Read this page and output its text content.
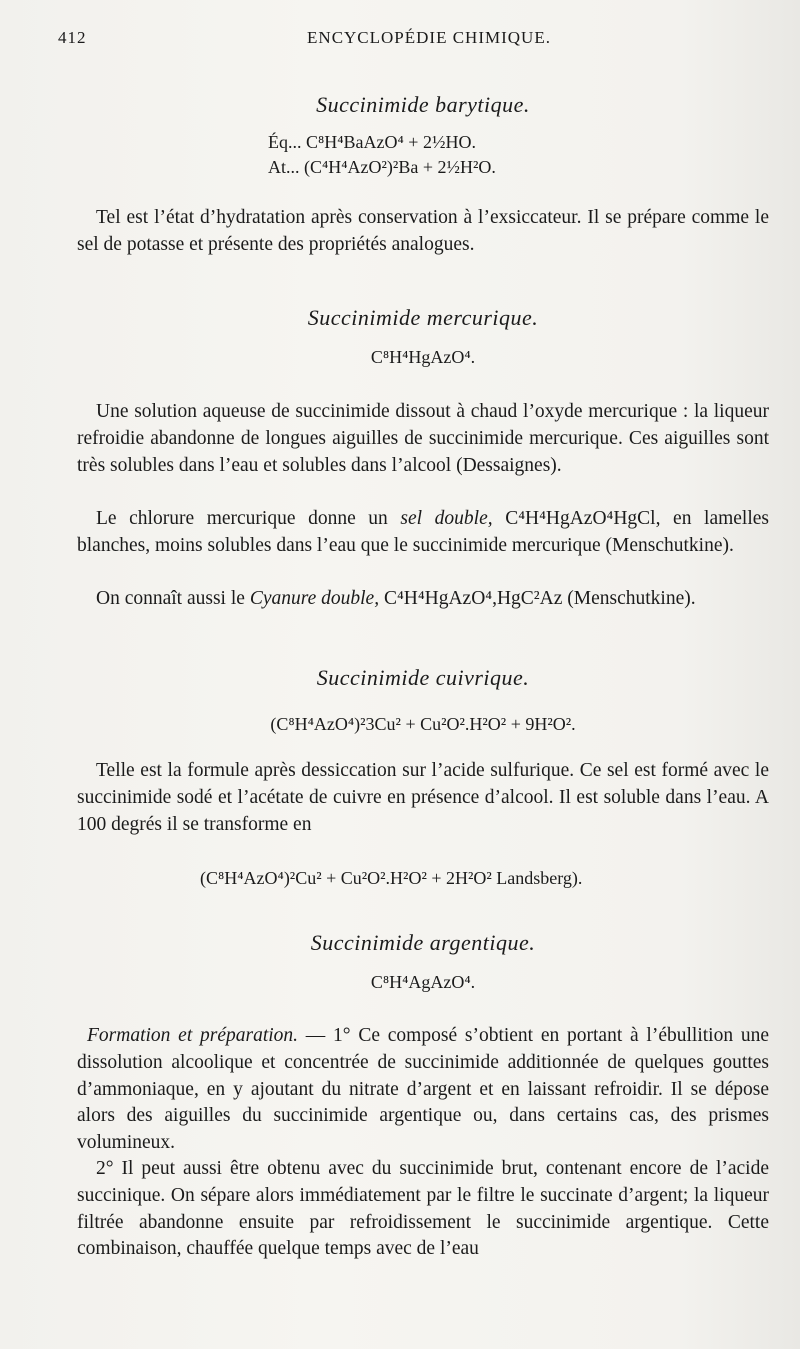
412	ENCYCLOPÉDIE CHIMIQUE.
Succinimide barytique.
Éq... C⁸H⁴BaAzO⁴ + 2½HO.
At... (C⁴H⁴AzO²)²Ba + 2½H²O.

Tel est l’état d’hydratation après conservation à l’exsiccateur. Il se prépare comme le sel de potasse et présente des propriétés analogues.

Succinimide mercurique.
C⁸H⁴HgAzO⁴.

Une solution aqueuse de succinimide dissout à chaud l’oxyde mercurique : la liqueur refroidie abandonne de longues aiguilles de succinimide mercurique. Ces aiguilles sont très solubles dans l’eau et solubles dans l’alcool (Dessaignes).

Le chlorure mercurique donne un sel double, C⁴H⁴HgAzO⁴HgCl, en lamelles blanches, moins solubles dans l’eau que le succinimide mercurique (Menschutkine).

On connaît aussi le Cyanure double, C⁴H⁴HgAzO⁴,HgC²Az (Menschutkine).

Succinimide cuivrique.
(C⁸H⁴AzO⁴)²3Cu² + Cu²O².H²O² + 9H²O².

Telle est la formule après dessiccation sur l’acide sulfurique. Ce sel est formé avec le succinimide sodé et l’acétate de cuivre en présence d’alcool. Il est soluble dans l’eau. A 100 degrés il se transforme en

(C⁸H⁴AzO⁴)²Cu² + Cu²O².H²O² + 2H²O² Landsberg).
Succinimide argentique.
C⁸H⁴AgAzO⁴.

Formation et préparation. — 1° Ce composé s’obtient en portant à l’ébullition une dissolution alcoolique et concentrée de succinimide additionnée de quelques gouttes d’ammoniaque, en y ajoutant du nitrate d’argent et en laissant refroidir. Il se dépose alors des aiguilles du succinimide argentique ou, dans certains cas, des prismes volumineux.

2° Il peut aussi être obtenu avec du succinimide brut, contenant encore de l’acide succinique. On sépare alors immédiatement par le filtre le succinate d’argent; la liqueur filtrée abandonne ensuite par refroidissement le succinimide argentique. Cette combinaison, chauffée quelque temps avec de l’eau
